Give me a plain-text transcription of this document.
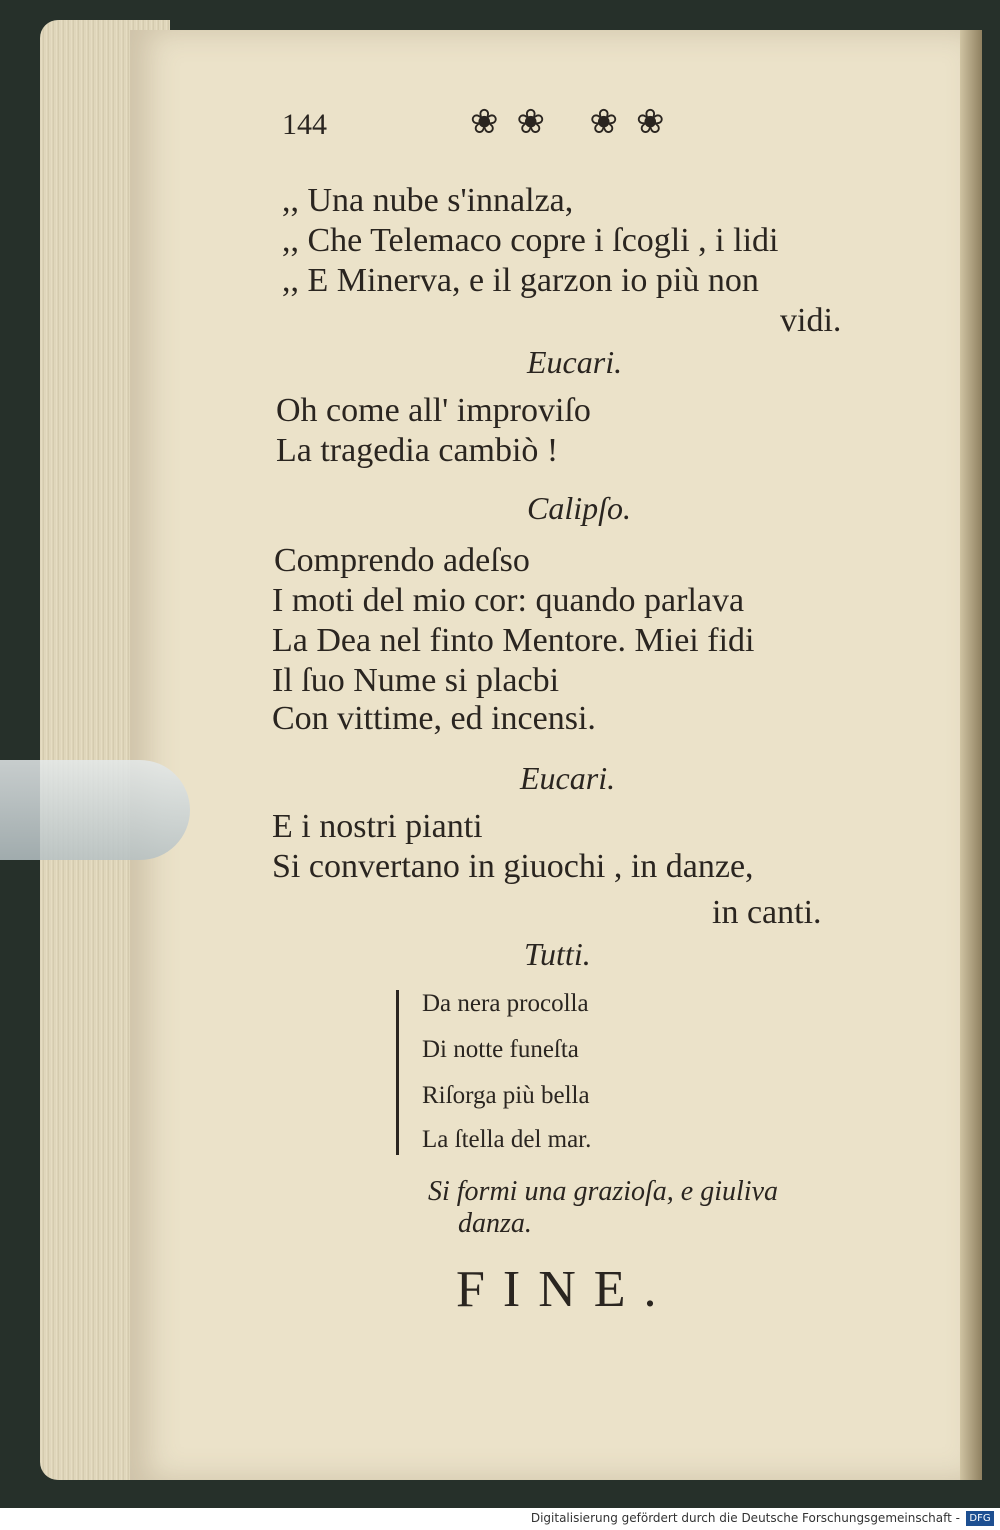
144	❀❀ ❀❀
,, Una nube s'innalza,
,, Che Telemaco copre i ſcogli , i lidi
,, E Minerva, e il garzon io più non
vidi.
Eucari.
Oh come all' improviſo
La tragedia cambiò !
Calipſo.
Comprendo adeſso
I moti del mio cor: quando parlava
La Dea nel finto Mentore. Miei fidi
Il ſuo Nume si placbi
Con vittime, ed incensi.
Eucari.
E i nostri pianti
Si convertano in giuochi , in danze,
in canti.
Tutti.
Da nera procolla
Di notte funeſta
Riſorga più bella
La ſtella del mar.
Si formi una grazioſa, e giuliva
danza.
FINE.
Digitalisierung gefördert durch die Deutsche Forschungsgemeinschaft - DFG
